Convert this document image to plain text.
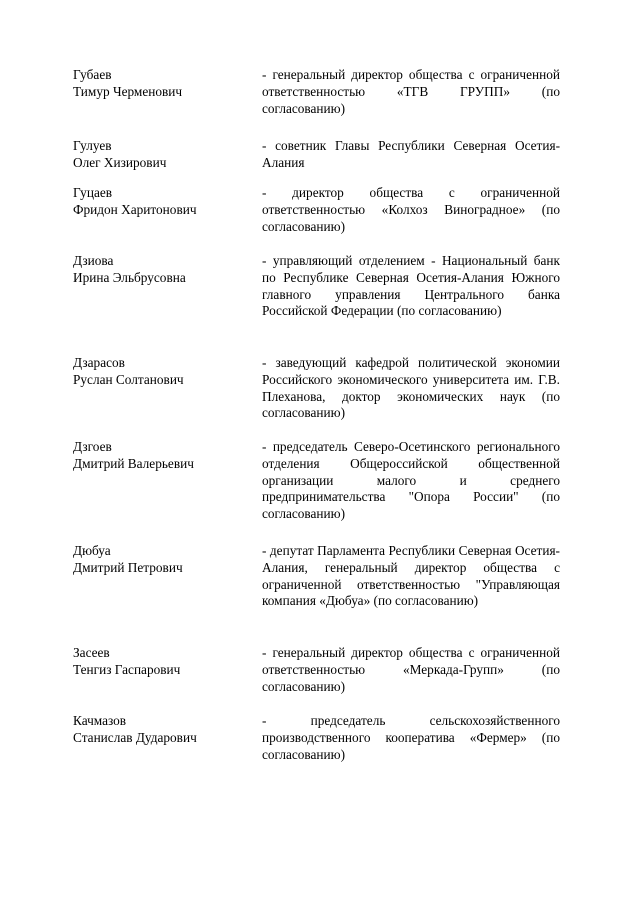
Губаев
Тимур Черменович
- генеральный директор общества с ограниченной ответственностью «ТГВ ГРУПП» (по согласованию)
Гулуев
Олег Хизирович
- советник Главы Республики Северная Осетия-Алания
Гуцаев
Фридон Харитонович
- директор общества с ограниченной ответственностью «Колхоз Виноградное» (по согласованию)
Дзиова
Ирина Эльбрусовна
- управляющий отделением - Национальный банк по Республике Северная Осетия-Алания Южного главного управления Центрального банка Российской Федерации (по согласованию)
Дзарасов
Руслан Солтанович
- заведующий кафедрой политической экономии Российского экономического университета им. Г.В. Плеханова, доктор экономических наук (по согласованию)
Дзгоев
Дмитрий Валерьевич
- председатель Северо-Осетинского регионального отделения Общероссийской общественной организации малого и среднего предпринимательства "Опора России" (по согласованию)
Дюбуа
Дмитрий Петрович
- депутат Парламента Республики Северная Осетия-Алания, генеральный директор общества с ограниченной ответственностью "Управляющая компания «Дюбуа» (по согласованию)
Засеев
Тенгиз Гаспарович
- генеральный директор общества с ограниченной ответственностью «Меркада-Групп» (по согласованию)
Качмазов
Станислав Дударович
- председатель сельскохозяйственного производственного кооператива «Фермер» (по согласованию)
